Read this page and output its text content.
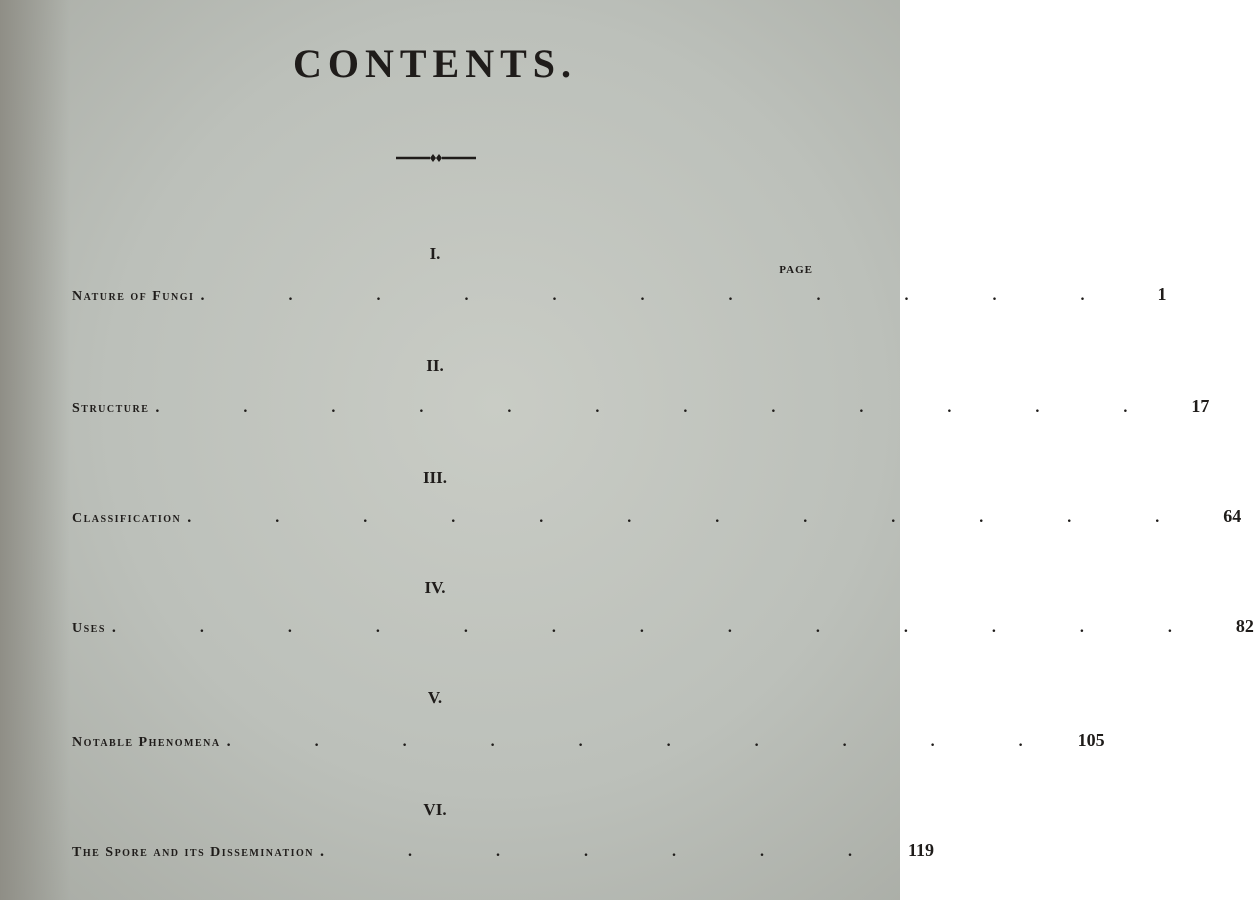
CONTENTS.
PAGE
I.
Nature of Fungi . . . . . . . . . . .	1
II.
Structure . . . . . . . . . . . .	17
III.
Classification . . . . . . . . . . . .	64
IV.
Uses . . . . . . . . . . . . .	82
V.
Notable Phenomena . . . . . . . . . . 105
VI.
The Spore and its Dissemination . . . . . . . 119
